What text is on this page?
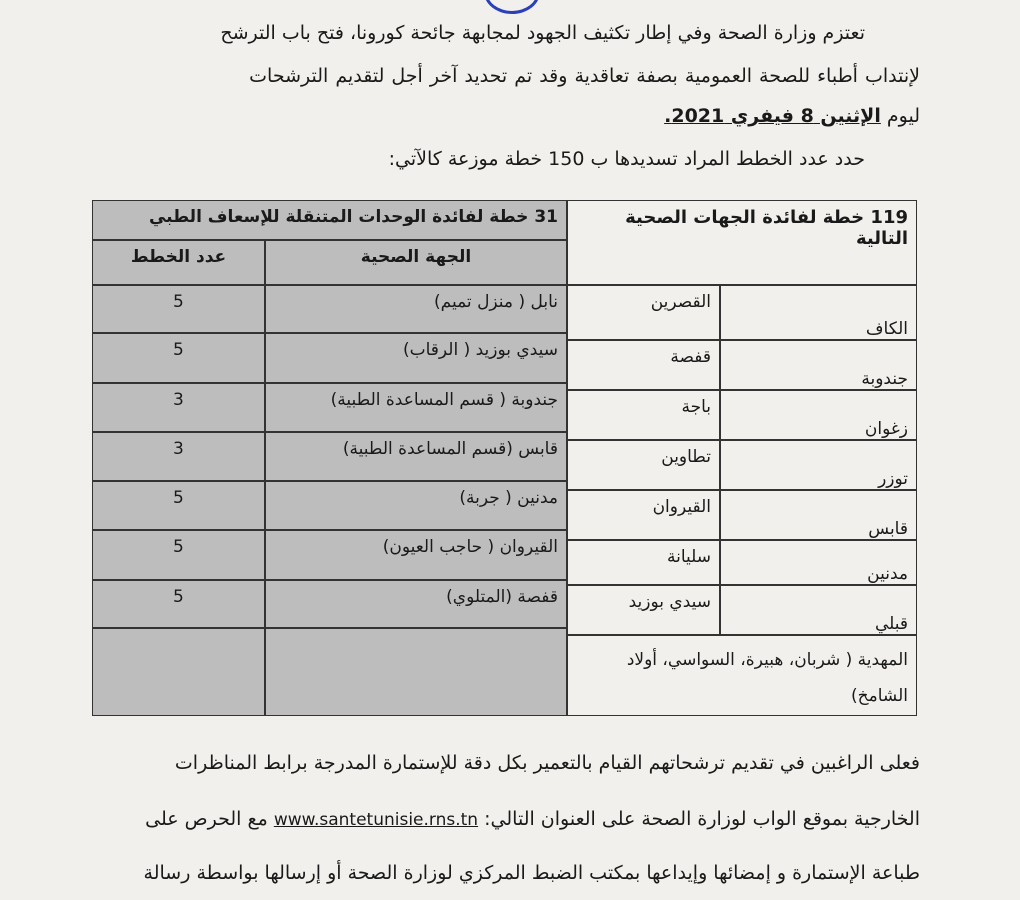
تعتزم وزارة الصحة وفي إطار تكثيف الجهود لمجابهة جائحة كورونا، فتح باب الترشح
لإنتداب أطباء للصحة العمومية بصفة تعاقدية وقد تم تحديد آخر أجل لتقديم الترشحات
ليوم الإثنين 8 فيفري 2021.
حدد عدد الخطط المراد تسديدها ب 150 خطة موزعة كالآتي:
119 خطة لفائدة الجهات الصحية التالية
الكاف
القصرين
جندوبة
قفصة
زغوان
باجة
توزر
تطاوين
قابس
القيروان
مدنين
سليانة
قبلي
سيدي بوزيد
المهدية ( شربان، هبيرة، السواسي، أولاد الشامخ)
31 خطة لفائدة الوحدات المتنقلة للإسعاف الطبي
الجهة الصحية
عدد الخطط
نابل ( منزل تميم)
5
سيدي بوزيد ( الرقاب)
5
جندوبة ( قسم المساعدة الطبية)
3
قابس (قسم المساعدة الطبية)
3
مدنين ( جربة)
5
القيروان ( حاجب العيون)
5
قفصة (المتلوي)
5
فعلى الراغبين في تقديم ترشحاتهم القيام بالتعمير بكل دقة للإستمارة المدرجة برابط المناظرات
الخارجية بموقع الواب لوزارة الصحة على العنوان التالي: www.santetunisie.rns.tn مع الحرص على
طباعة الإستمارة و إمضائها وإيداعها بمكتب الضبط المركزي لوزارة الصحة أو إرسالها بواسطة رسالة
